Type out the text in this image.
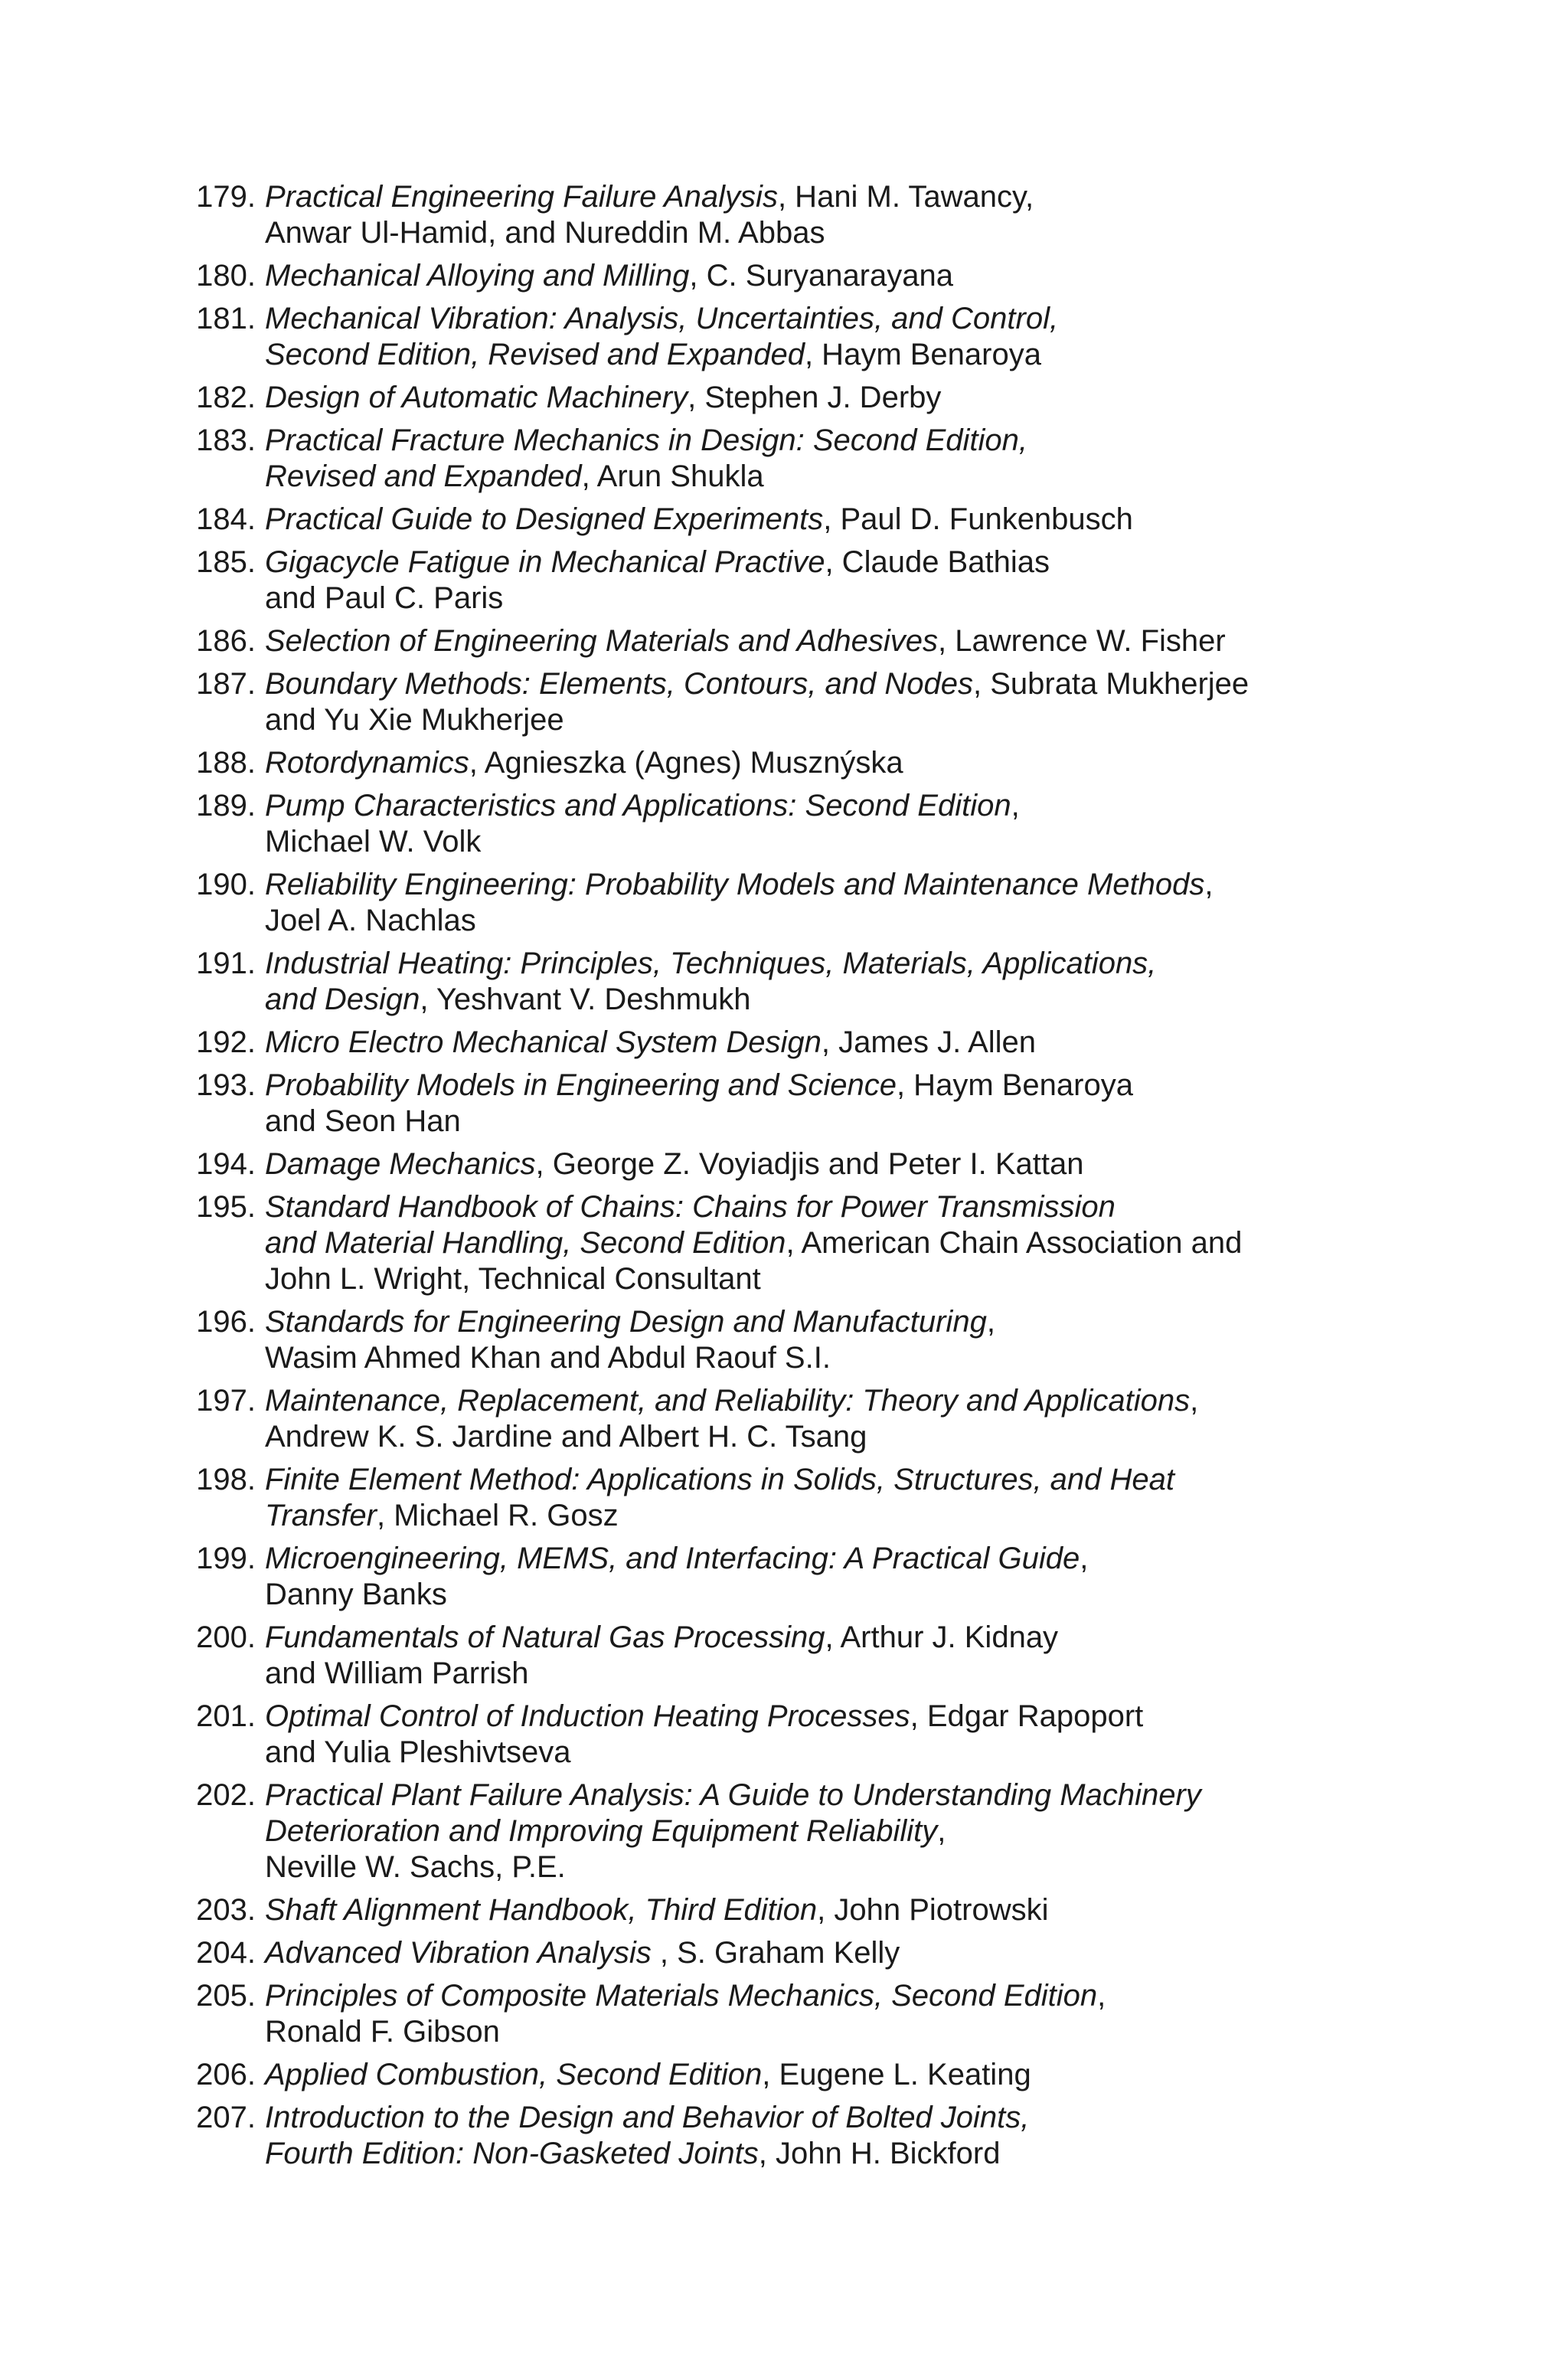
179. Practical Engineering Failure Analysis, Hani M. Tawancy,
Anwar Ul-Hamid, and Nureddin M. Abbas
180. Mechanical Alloying and Milling, C. Suryanarayana
181. Mechanical Vibration: Analysis, Uncertainties, and Control,
Second Edition, Revised and Expanded, Haym Benaroya
182. Design of Automatic Machinery, Stephen J. Derby
183. Practical Fracture Mechanics in Design: Second Edition,
Revised and Expanded, Arun Shukla
184. Practical Guide to Designed Experiments, Paul D. Funkenbusch
185. Gigacycle Fatigue in Mechanical Practive, Claude Bathias
and Paul C. Paris
186. Selection of Engineering Materials and Adhesives, Lawrence W. Fisher
187. Boundary Methods: Elements, Contours, and Nodes, Subrata Mukherjee
and Yu Xie Mukherjee
188. Rotordynamics, Agnieszka (Agnes) Musznýska
189. Pump Characteristics and Applications: Second Edition,
Michael W. Volk
190. Reliability Engineering: Probability Models and Maintenance Methods,
Joel A. Nachlas
191. Industrial Heating: Principles, Techniques, Materials, Applications,
and Design, Yeshvant V. Deshmukh
192. Micro Electro Mechanical System Design, James J. Allen
193. Probability Models in Engineering and Science, Haym Benaroya
and Seon Han
194. Damage Mechanics, George Z. Voyiadjis and Peter I. Kattan
195. Standard Handbook of Chains: Chains for Power Transmission
and Material Handling, Second Edition, American Chain Association and
John L. Wright, Technical Consultant
196. Standards for Engineering Design and Manufacturing,
Wasim Ahmed Khan and Abdul Raouf S.I.
197. Maintenance, Replacement, and Reliability: Theory and Applications,
Andrew K. S. Jardine and Albert H. C. Tsang
198. Finite Element Method: Applications in Solids, Structures, and Heat
Transfer, Michael R. Gosz
199. Microengineering, MEMS, and Interfacing: A Practical Guide,
Danny Banks
200. Fundamentals of Natural Gas Processing, Arthur J. Kidnay
and William Parrish
201. Optimal Control of Induction Heating Processes, Edgar Rapoport
and Yulia Pleshivtseva
202. Practical Plant Failure Analysis: A Guide to Understanding Machinery
Deterioration and Improving Equipment Reliability,
Neville W. Sachs, P.E.
203. Shaft Alignment Handbook, Third Edition, John Piotrowski
204. Advanced Vibration Analysis , S. Graham Kelly
205. Principles of Composite Materials Mechanics, Second Edition,
Ronald F. Gibson
206. Applied Combustion, Second Edition, Eugene L. Keating
207. Introduction to the Design and Behavior of Bolted Joints,
Fourth Edition: Non-Gasketed Joints, John H. Bickford
